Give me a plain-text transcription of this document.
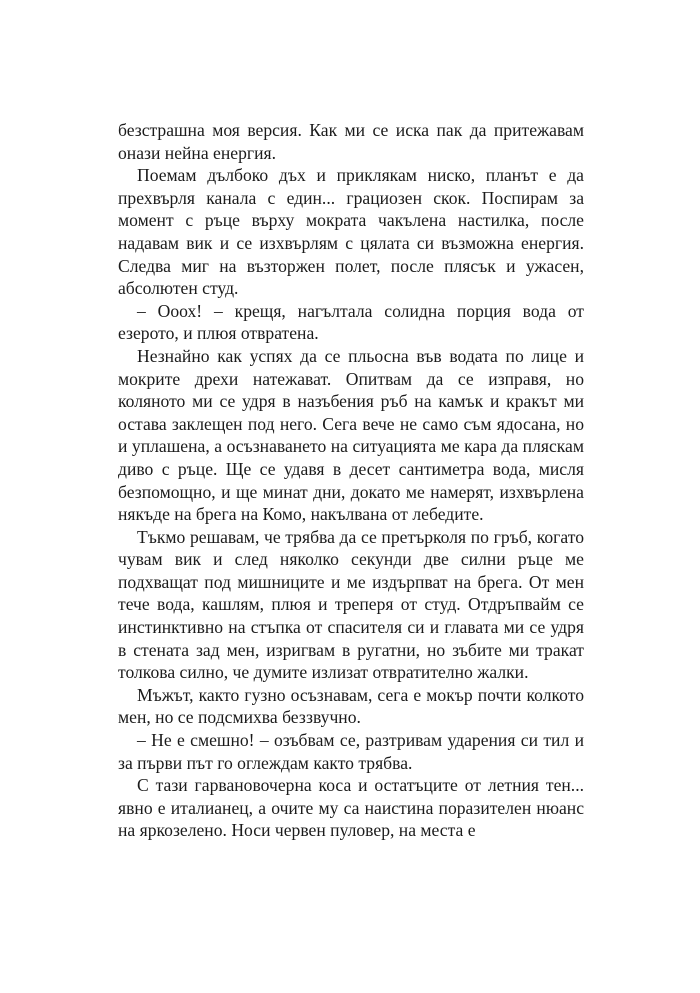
безстрашна моя версия. Как ми се иска пак да притежавам онази нейна енергия.

Поемам дълбоко дъх и приклякам ниско, планът е да прехвърля канала с един... грациозен скок. Поспирам за момент с ръце върху мократа чакълена настилка, после надавам вик и се изхвърлям с цялата си възможна енергия. Следва миг на възторжен полет, после плясък и ужасен, абсолютен студ.

– Ооох! – крещя, нагълтала солидна порция вода от езерото, и плюя отвратена.

Незнайно как успях да се пльосна във водата по лице и мокрите дрехи натежават. Опитвам да се изправя, но коляното ми се удря в назъбения ръб на камък и кракът ми остава заклещен под него. Сега вече не само съм ядосана, но и уплашена, а осъзнаването на ситуацията ме кара да пляскам диво с ръце. Ще се удавя в десет сантиметра вода, мисля безпомощно, и ще минат дни, докато ме намерят, изхвърлена някъде на брега на Комо, накълвана от лебедите.

Тъкмо решавам, че трябва да се претърколя по гръб, когато чувам вик и след няколко секунди две силни ръце ме подхващат под мишниците и ме издърпват на брега. От мен тече вода, кашлям, плюя и треперя от студ. Отдръпвайм се инстинктивно на стъпка от спасителя си и главата ми се удря в стената зад мен, изригвам в ругатни, но зъбите ми тракат толкова силно, че думите излизат отвратително жалки.

Мъжът, както гузно осъзнавам, сега е мокър почти колкото мен, но се подсмихва беззвучно.

– Не е смешно! – озъбвам се, разтривам ударения си тил и за първи път го оглеждам както трябва.

С тази гарвановочерна коса и остатъците от летния тен... явно е италианец, а очите му са наистина поразителен нюанс на яркозелено. Носи червен пуловер, на места е
